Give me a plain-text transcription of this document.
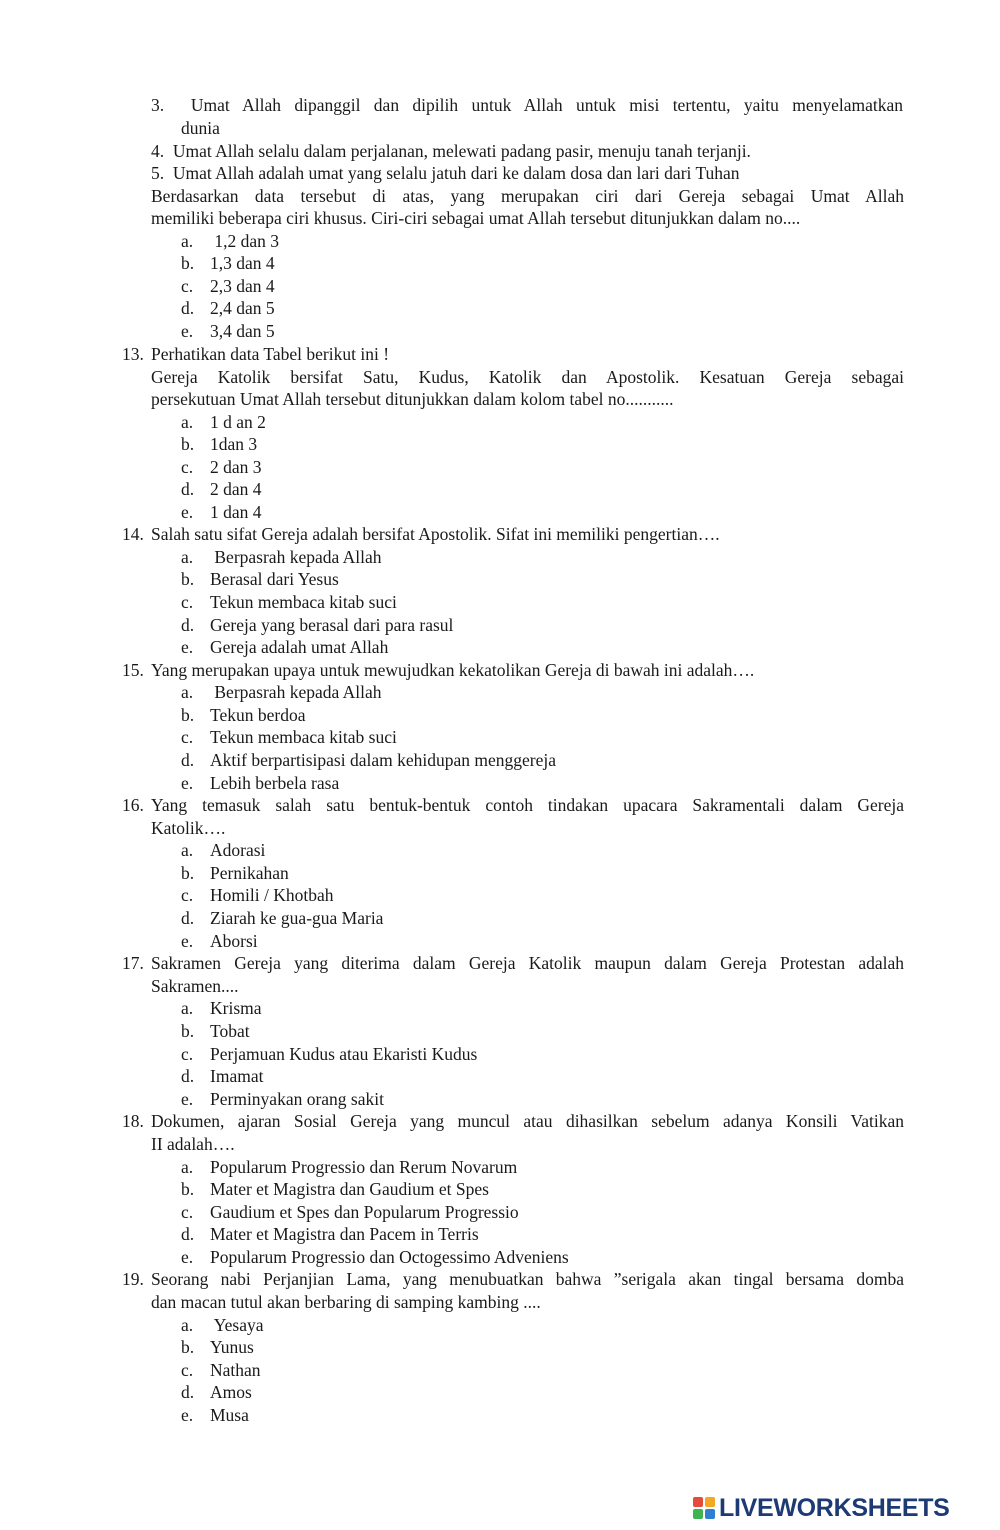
3. Umat Allah dipanggil dan dipilih untuk Allah untuk misi tertentu, yaitu menyelamatkan
dunia
4. Umat Allah selalu dalam perjalanan, melewati padang pasir, menuju tanah terjanji.
5. Umat Allah adalah umat yang selalu jatuh dari ke dalam dosa dan lari dari Tuhan
Berdasarkan data tersebut di atas, yang merupakan ciri dari Gereja sebagai Umat Allah
memiliki beberapa ciri khusus. Ciri-ciri sebagai umat Allah tersebut ditunjukkan dalam no....
a. 1,2 dan 3
b. 1,3 dan 4
c. 2,3 dan 4
d. 2,4 dan 5
e. 3,4 dan 5
13. Perhatikan data Tabel berikut ini !
Gereja Katolik bersifat Satu, Kudus, Katolik dan Apostolik. Kesatuan Gereja sebagai
persekutuan Umat Allah tersebut ditunjukkan dalam kolom tabel no...........
a. 1 d an 2
b. 1dan 3
c. 2 dan 3
d. 2 dan 4
e. 1 dan 4
14. Salah satu sifat Gereja adalah bersifat Apostolik. Sifat ini memiliki pengertian….
a. Berpasrah kepada Allah
b. Berasal dari Yesus
c. Tekun membaca kitab suci
d. Gereja yang berasal dari para rasul
e. Gereja adalah umat Allah
15. Yang merupakan upaya untuk mewujudkan kekatolikan Gereja di bawah ini adalah….
a. Berpasrah kepada Allah
b. Tekun berdoa
c. Tekun membaca kitab suci
d. Aktif berpartisipasi dalam kehidupan menggereja
e. Lebih berbela rasa
16. Yang temasuk salah satu bentuk-bentuk contoh tindakan upacara Sakramentali dalam Gereja
Katolik….
a. Adorasi
b. Pernikahan
c. Homili / Khotbah
d. Ziarah ke gua-gua Maria
e. Aborsi
17. Sakramen Gereja yang diterima dalam Gereja Katolik maupun dalam Gereja Protestan adalah
Sakramen....
a. Krisma
b. Tobat
c. Perjamuan Kudus atau Ekaristi Kudus
d. Imamat
e. Perminyakan orang sakit
18. Dokumen, ajaran Sosial Gereja yang muncul atau dihasilkan sebelum adanya Konsili Vatikan
II adalah….
a. Popularum Progressio dan Rerum Novarum
b. Mater et Magistra dan Gaudium et Spes
c. Gaudium et Spes dan Popularum Progressio
d. Mater et Magistra dan Pacem in Terris
e. Popularum Progressio dan Octogessimo Adveniens
19. Seorang nabi Perjanjian Lama, yang menubuatkan bahwa ”serigala akan tingal bersama domba
dan macan tutul akan berbaring di samping kambing ....
a. Yesaya
b. Yunus
c. Nathan
d. Amos
e. Musa
LIVEWORKSHEETS
